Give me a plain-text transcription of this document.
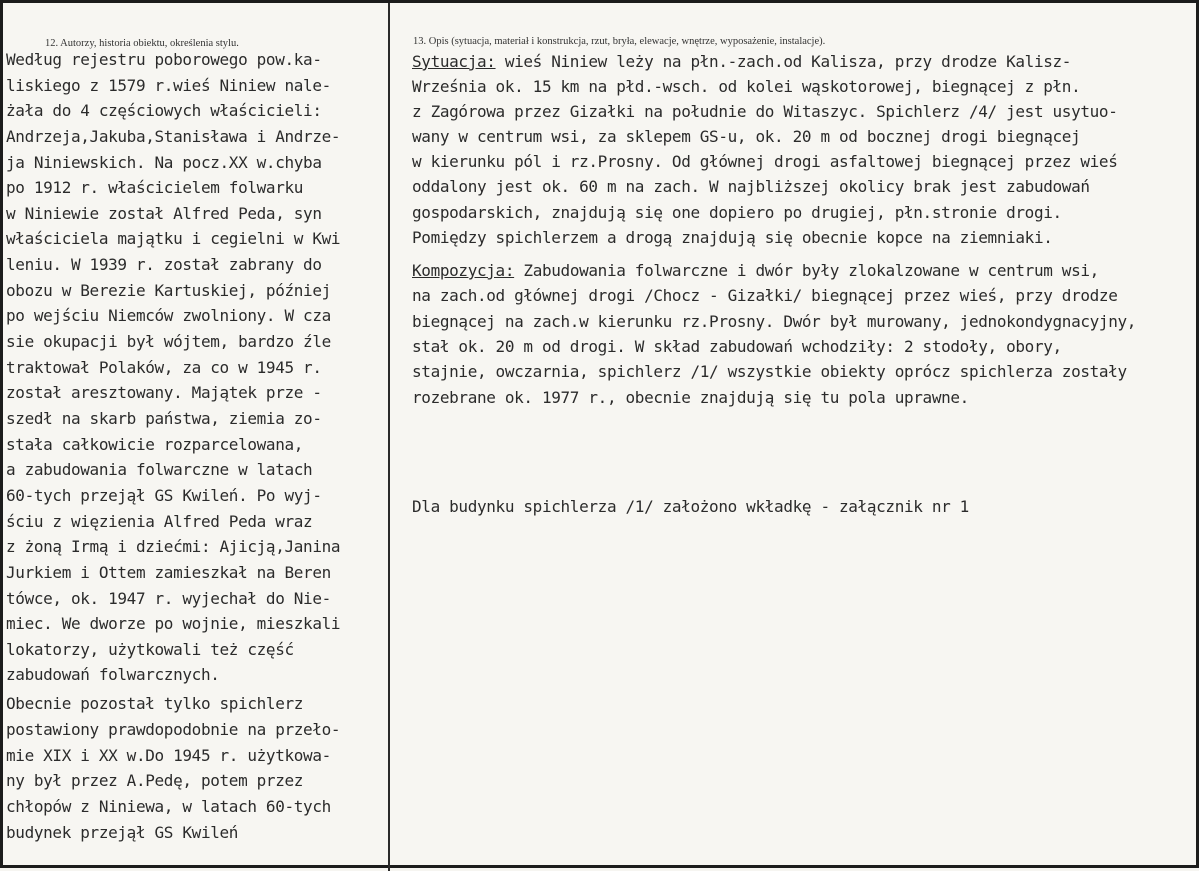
12. Autorzy, historia obiektu, określenia stylu.
Według rejestru poborowego pow.ka-
liskiego z 1579 r.wieś Niniew nale-
żała do 4 częściowych właścicieli:
Andrzeja,Jakuba,Stanisława i Andrze-
ja Niniewskich. Na pocz.XX w.chyba
po 1912 r. właścicielem folwarku
w Niniewie został Alfred Peda, syn
właściciela majątku i cegielni w Kwi
leniu. W 1939 r. został zabrany do
obozu w Berezie Kartuskiej, później
po wejściu Niemców zwolniony. W cza
sie okupacji był wójtem, bardzo źle
traktował Polaków, za co w 1945 r.
został aresztowany. Majątek prze -
szedł na skarb państwa, ziemia zo-
stała całkowicie rozparcelowana,
a zabudowania folwarczne w latach
60-tych przejął GS Kwileń. Po wyj-
ściu z więzienia Alfred Peda wraz
z żoną Irmą i dziećmi: Ajicją,Janina
Jurkiem i Ottem zamieszkał na Beren
tówce, ok. 1947 r. wyjechał do Nie-
miec. We dworze po wojnie, mieszkali
lokatorzy, użytkowali też część
zabudowań folwarcznych.
Obecnie pozostał tylko spichlerz
postawiony prawdopodobnie na przeło-
mie XIX i XX w.Do 1945 r. użytkowa-
ny był przez A.Pedę, potem przez
chłopów z Niniewa, w latach 60-tych
budynek przejął GS Kwileń
13. Opis (sytuacja, materiał i konstrukcja, rzut, bryła, elewacje, wnętrze, wyposażenie, instalacje).
Sytuacja: wieś Niniew leży na płn.-zach.od Kalisza, przy drodze Kalisz-
Września ok. 15 km na płd.-wsch. od kolei wąskotorowej, biegnącej z płn.
z Zagórowa przez Gizałki na południe do Witaszyc. Spichlerz /4/ jest usytuo-
wany w centrum wsi, za sklepem GS-u, ok. 20 m od bocznej drogi biegnącej
w kierunku pól i rz.Prosny. Od głównej drogi asfaltowej biegnącej przez wieś
oddalony jest ok. 60 m na zach. W najbliższej okolicy brak jest zabudowań
gospodarskich, znajdują się one dopiero po drugiej, płn.stronie drogi.
Pomiędzy spichlerzem a drogą znajdują się obecnie kopce na ziemniaki.
Kompozycja: Zabudowania folwarczne i dwór były zlokalzowane w centrum wsi,
na zach.od głównej drogi /Chocz - Gizałki/ biegnącej przez wieś, przy drodze
biegnącej na zach.w kierunku rz.Prosny. Dwór był murowany, jednokondygnacyjny,
stał ok. 20 m od drogi. W skład zabudowań wchodziły: 2 stodoły, obory,
stajnie, owczarnia, spichlerz /1/ wszystkie obiekty oprócz spichlerza zostały
rozebrane ok. 1977 r., obecnie znajdują się tu pola uprawne.
Dla budynku spichlerza /1/ założono wkładkę - załącznik nr 1
